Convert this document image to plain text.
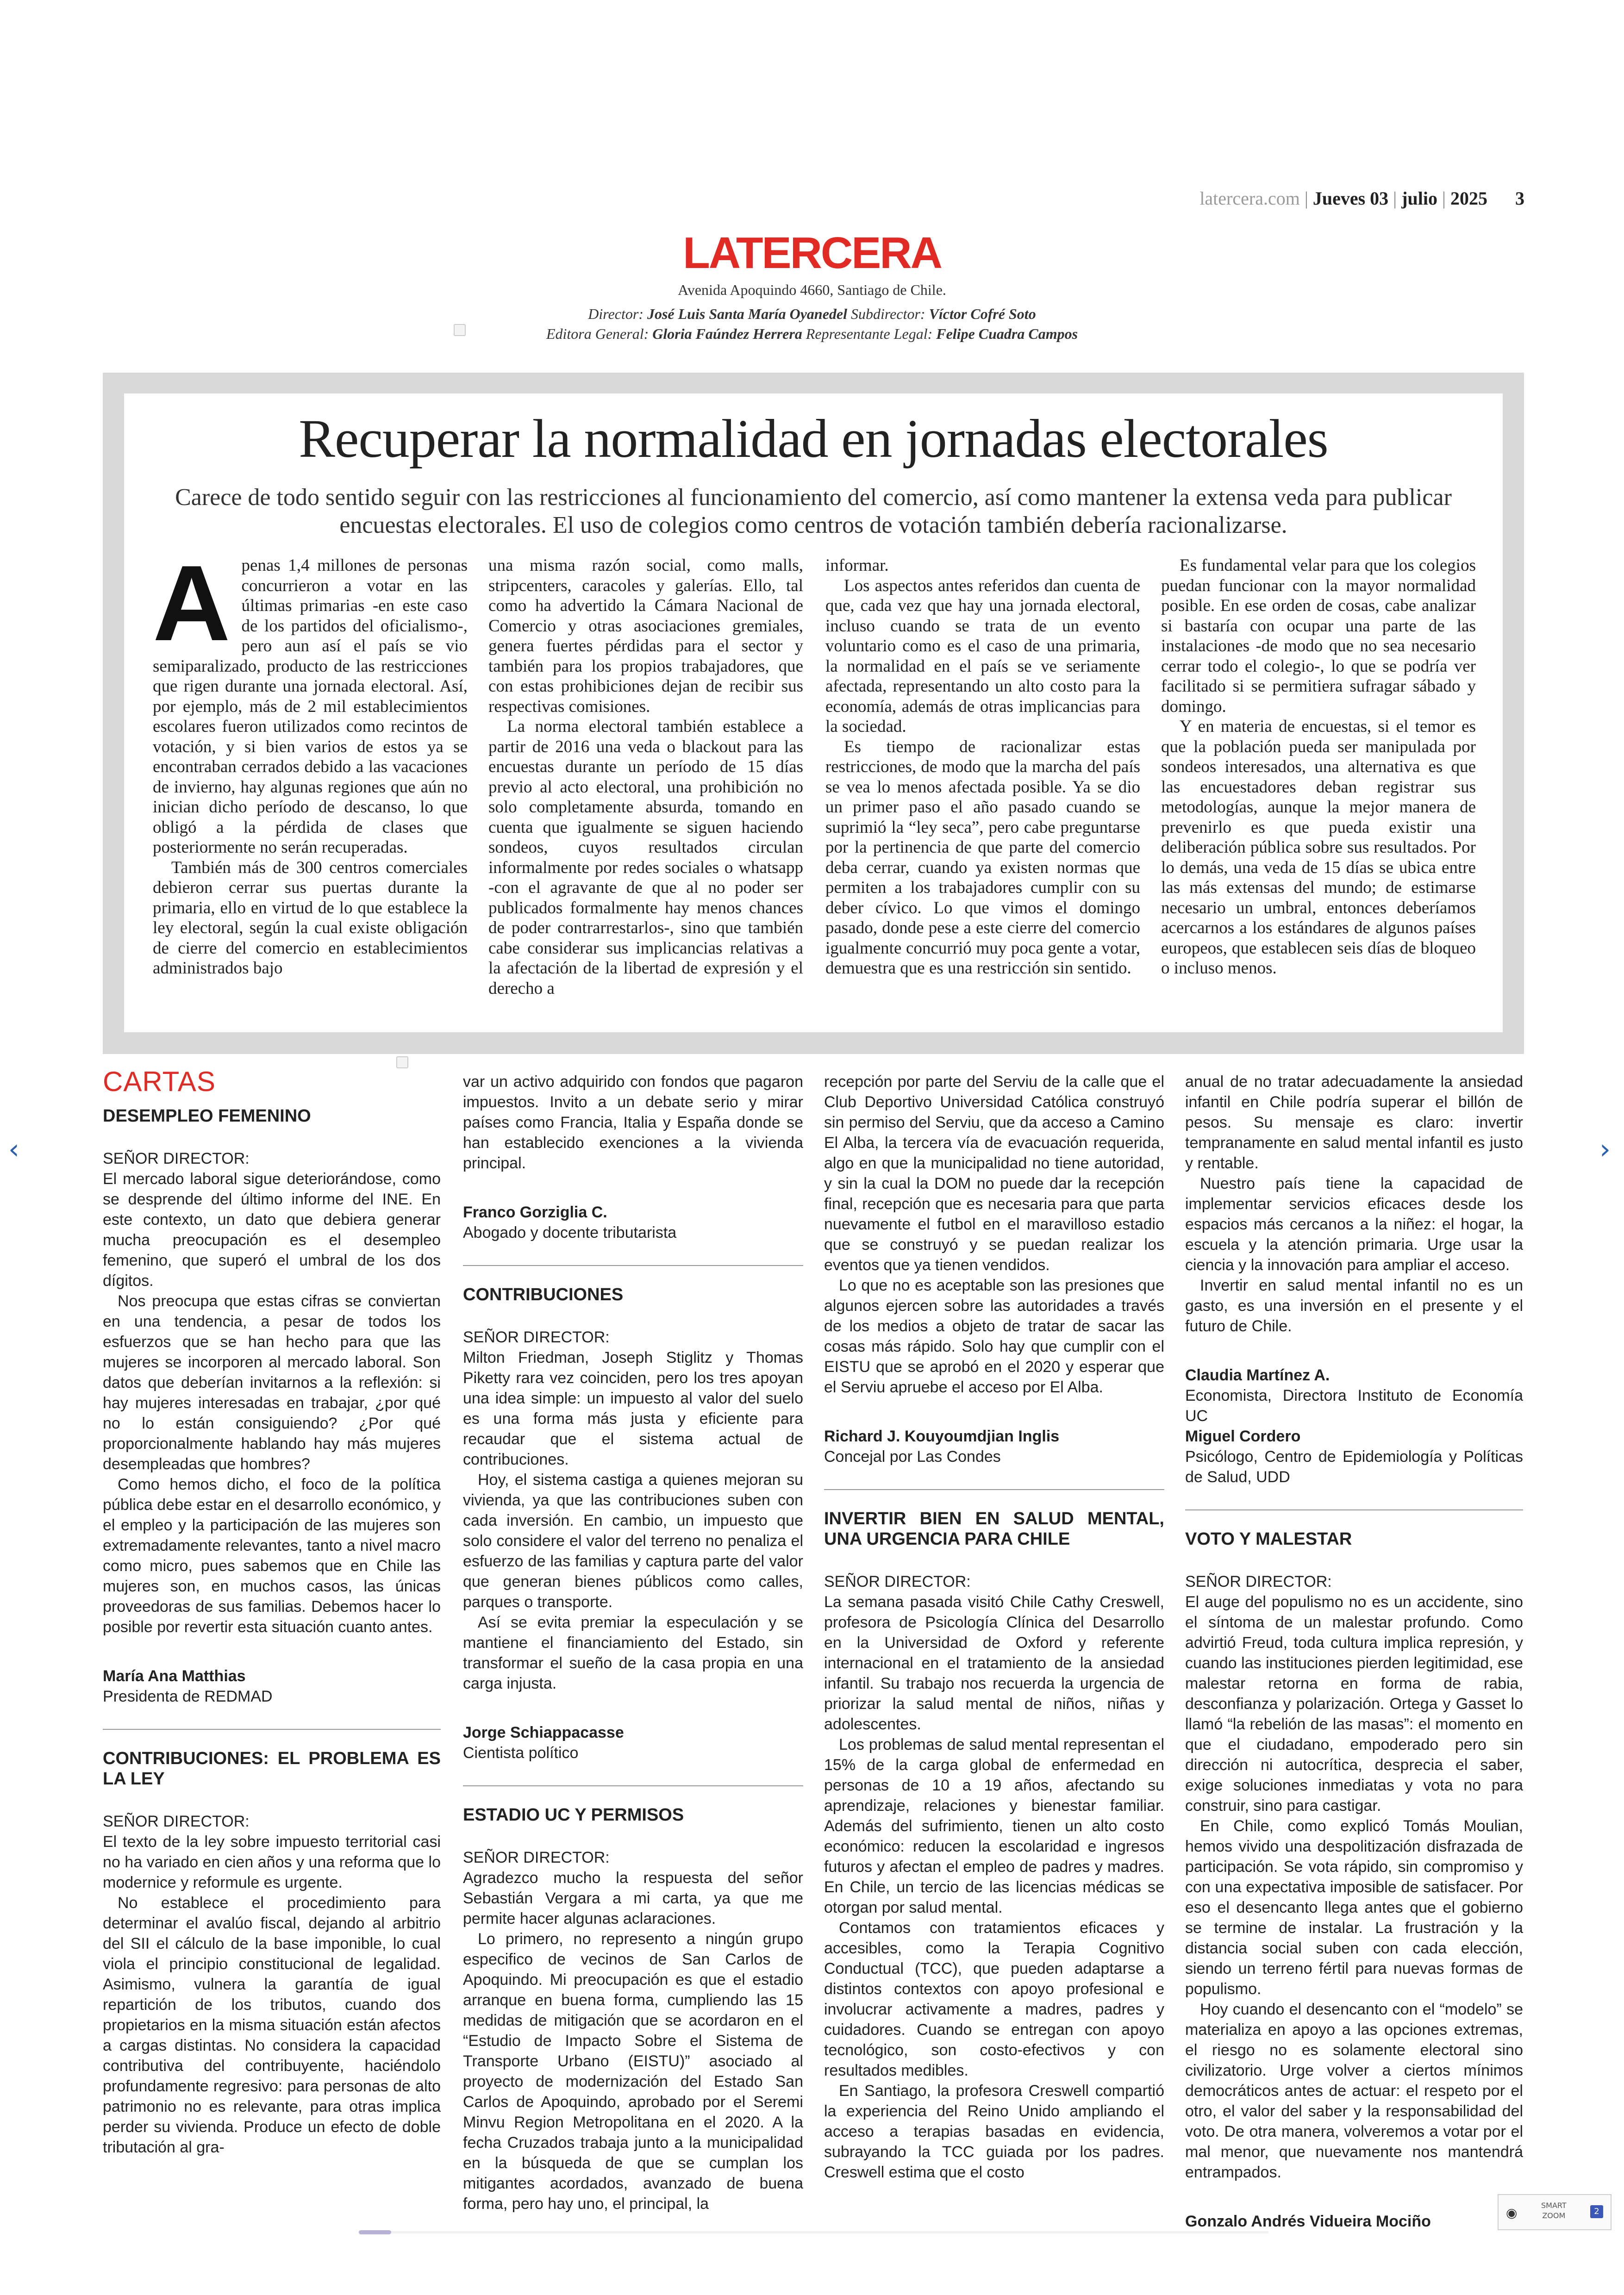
latercera.com | Jueves 03 | julio | 2025 3
LATERCERA
Avenida Apoquindo 4660, Santiago de Chile.
Director: José Luis Santa María Oyanedel Subdirector: Víctor Cofré Soto
Editora General: Gloria Faúndez Herrera Representante Legal: Felipe Cuadra Campos
Recuperar la normalidad en jornadas electorales
Carece de todo sentido seguir con las restricciones al funcionamiento del comercio, así como mantener la extensa veda para publicar encuestas electorales. El uso de colegios como centros de votación también debería racionalizarse.

Apenas 1,4 millones de personas concurrieron a votar en las últimas primarias -en este caso de los partidos del oficialismo-, pero aun así el país se vio semiparalizado, producto de las restricciones que rigen durante una jornada electoral. Así, por ejemplo, más de 2 mil establecimientos escolares fueron utilizados como recintos de votación, y si bien varios de estos ya se encontraban cerrados debido a las vacaciones de invierno, hay algunas regiones que aún no inician dicho período de descanso, lo que obligó a la pérdida de clases que posteriormente no serán recuperadas.

También más de 300 centros comerciales debieron cerrar sus puertas durante la primaria, ello en virtud de lo que establece la ley electoral, según la cual existe obligación de cierre del comercio en establecimientos administrados bajo

una misma razón social, como malls, stripcenters, caracoles y galerías. Ello, tal como ha advertido la Cámara Nacional de Comercio y otras asociaciones gremiales, genera fuertes pérdidas para el sector y también para los propios trabajadores, que con estas prohibiciones dejan de recibir sus respectivas comisiones.

La norma electoral también establece a partir de 2016 una veda o blackout para las encuestas durante un período de 15 días previo al acto electoral, una prohibición no solo completamente absurda, tomando en cuenta que igualmente se siguen haciendo sondeos, cuyos resultados circulan informalmente por redes sociales o whatsapp -con el agravante de que al no poder ser publicados formalmente hay menos chances de poder contrarrestarlos-, sino que también cabe considerar sus implicancias relativas a la afectación de la libertad de expresión y el derecho a

informar.

Los aspectos antes referidos dan cuenta de que, cada vez que hay una jornada electoral, incluso cuando se trata de un evento voluntario como es el caso de una primaria, la normalidad en el país se ve seriamente afectada, representando un alto costo para la economía, además de otras implicancias para la sociedad.

Es tiempo de racionalizar estas restricciones, de modo que la marcha del país se vea lo menos afectada posible. Ya se dio un primer paso el año pasado cuando se suprimió la “ley seca”, pero cabe preguntarse por la pertinencia de que parte del comercio deba cerrar, cuando ya existen normas que permiten a los trabajadores cumplir con su deber cívico. Lo que vimos el domingo pasado, donde pese a este cierre del comercio igualmente concurrió muy poca gente a votar, demuestra que es una restricción sin sentido.

Es fundamental velar para que los colegios puedan funcionar con la mayor normalidad posible. En ese orden de cosas, cabe analizar si bastaría con ocupar una parte de las instalaciones -de modo que no sea necesario cerrar todo el colegio-, lo que se podría ver facilitado si se permitiera sufragar sábado y domingo.

Y en materia de encuestas, si el temor es que la población pueda ser manipulada por sondeos interesados, una alternativa es que las encuestadores deban registrar sus metodologías, aunque la mejor manera de prevenirlo es que pueda existir una deliberación pública sobre sus resultados. Por lo demás, una veda de 15 días se ubica entre las más extensas del mundo; de estimarse necesario un umbral, entonces deberíamos acercarnos a los estándares de algunos países europeos, que establecen seis días de bloqueo o incluso menos.

CARTAS

DESEMPLEO FEMENINO

SEÑOR DIRECTOR:

El mercado laboral sigue deteriorándose, como se desprende del último informe del INE. En este contexto, un dato que debiera generar mucha preocupación es el desempleo femenino, que superó el umbral de los dos dígitos.

Nos preocupa que estas cifras se conviertan en una tendencia, a pesar de todos los esfuerzos que se han hecho para que las mujeres se incorporen al mercado laboral. Son datos que deberían invitarnos a la reflexión: si hay mujeres interesadas en trabajar, ¿por qué no lo están consiguiendo? ¿Por qué proporcionalmente hablando hay más mujeres desempleadas que hombres?

Como hemos dicho, el foco de la política pública debe estar en el desarrollo económico, y el empleo y la participación de las mujeres son extremadamente relevantes, tanto a nivel macro como micro, pues sabemos que en Chile las mujeres son, en muchos casos, las únicas proveedoras de sus familias. Debemos hacer lo posible por revertir esta situación cuanto antes.

María Ana Matthias

Presidenta de REDMAD

CONTRIBUCIONES: EL PROBLEMA ES LA LEY

SEÑOR DIRECTOR:

El texto de la ley sobre impuesto territorial casi no ha variado en cien años y una reforma que lo modernice y reformule es urgente.

No establece el procedimiento para determinar el avalúo fiscal, dejando al arbitrio del SII el cálculo de la base imponible, lo cual viola el principio constitucional de legalidad. Asimismo, vulnera la garantía de igual repartición de los tributos, cuando dos propietarios en la misma situación están afectos a cargas distintas. No considera la capacidad contributiva del contribuyente, haciéndolo profundamente regresivo: para personas de alto patrimonio no es relevante, para otras implica perder su vivienda. Produce un efecto de doble tributación al gra-

var un activo adquirido con fondos que pagaron impuestos. Invito a un debate serio y mirar países como Francia, Italia y España donde se han establecido exenciones a la vivienda principal.

Franco Gorziglia C.

Abogado y docente tributarista

CONTRIBUCIONES

SEÑOR DIRECTOR:

Milton Friedman, Joseph Stiglitz y Thomas Piketty rara vez coinciden, pero los tres apoyan una idea simple: un impuesto al valor del suelo es una forma más justa y eficiente para recaudar que el sistema actual de contribuciones.

Hoy, el sistema castiga a quienes mejoran su vivienda, ya que las contribuciones suben con cada inversión. En cambio, un impuesto que solo considere el valor del terreno no penaliza el esfuerzo de las familias y captura parte del valor que generan bienes públicos como calles, parques o transporte.

Así se evita premiar la especulación y se mantiene el financiamiento del Estado, sin transformar el sueño de la casa propia en una carga injusta.

Jorge Schiappacasse

Cientista político

ESTADIO UC Y PERMISOS

SEÑOR DIRECTOR:

Agradezco mucho la respuesta del señor Sebastián Vergara a mi carta, ya que me permite hacer algunas aclaraciones.

Lo primero, no represento a ningún grupo especifico de vecinos de San Carlos de Apoquindo. Mi preocupación es que el estadio arranque en buena forma, cumpliendo las 15 medidas de mitigación que se acordaron en el “Estudio de Impacto Sobre el Sistema de Transporte Urbano (EISTU)” asociado al proyecto de modernización del Estado San Carlos de Apoquindo, aprobado por el Seremi Minvu Region Metropolitana en el 2020. A la fecha Cruzados trabaja junto a la municipalidad en la búsqueda de que se cumplan los mitigantes acordados, avanzado de buena forma, pero hay uno, el principal, la

recepción por parte del Serviu de la calle que el Club Deportivo Universidad Católica construyó sin permiso del Serviu, que da acceso a Camino El Alba, la tercera vía de evacuación requerida, algo en que la municipalidad no tiene autoridad, y sin la cual la DOM no puede dar la recepción final, recepción que es necesaria para que parta nuevamente el futbol en el maravilloso estadio que se construyó y se puedan realizar los eventos que ya tienen vendidos.

Lo que no es aceptable son las presiones que algunos ejercen sobre las autoridades a través de los medios a objeto de tratar de sacar las cosas más rápido. Solo hay que cumplir con el EISTU que se aprobó en el 2020 y esperar que el Serviu apruebe el acceso por El Alba.

Richard J. Kouyoumdjian Inglis

Concejal por Las Condes

INVERTIR BIEN EN SALUD MENTAL, UNA URGENCIA PARA CHILE

SEÑOR DIRECTOR:

La semana pasada visitó Chile Cathy Creswell, profesora de Psicología Clínica del Desarrollo en la Universidad de Oxford y referente internacional en el tratamiento de la ansiedad infantil. Su trabajo nos recuerda la urgencia de priorizar la salud mental de niños, niñas y adolescentes.

Los problemas de salud mental representan el 15% de la carga global de enfermedad en personas de 10 a 19 años, afectando su aprendizaje, relaciones y bienestar familiar. Además del sufrimiento, tienen un alto costo económico: reducen la escolaridad e ingresos futuros y afectan el empleo de padres y madres. En Chile, un tercio de las licencias médicas se otorgan por salud mental.

Contamos con tratamientos eficaces y accesibles, como la Terapia Cognitivo Conductual (TCC), que pueden adaptarse a distintos contextos con apoyo profesional e involucrar activamente a madres, padres y cuidadores. Cuando se entregan con apoyo tecnológico, son costo-efectivos y con resultados medibles.

En Santiago, la profesora Creswell compartió la experiencia del Reino Unido ampliando el acceso a terapias basadas en evidencia, subrayando la TCC guiada por los padres. Creswell estima que el costo

anual de no tratar adecuadamente la ansiedad infantil en Chile podría superar el billón de pesos. Su mensaje es claro: invertir tempranamente en salud mental infantil es justo y rentable.

Nuestro país tiene la capacidad de implementar servicios eficaces desde los espacios más cercanos a la niñez: el hogar, la escuela y la atención primaria. Urge usar la ciencia y la innovación para ampliar el acceso.

Invertir en salud mental infantil no es un gasto, es una inversión en el presente y el futuro de Chile.

Claudia Martínez A.

Economista, Directora Instituto de Economía UC

Miguel Cordero

Psicólogo, Centro de Epidemiología y Políticas de Salud, UDD

VOTO Y MALESTAR

SEÑOR DIRECTOR:

El auge del populismo no es un accidente, sino el síntoma de un malestar profundo. Como advirtió Freud, toda cultura implica represión, y cuando las instituciones pierden legitimidad, ese malestar retorna en forma de rabia, desconfianza y polarización. Ortega y Gasset lo llamó “la rebelión de las masas”: el momento en que el ciudadano, empoderado pero sin dirección ni autocrítica, desprecia el saber, exige soluciones inmediatas y vota no para construir, sino para castigar.

En Chile, como explicó Tomás Moulian, hemos vivido una despolitización disfrazada de participación. Se vota rápido, sin compromiso y con una expectativa imposible de satisfacer. Por eso el desencanto llega antes que el gobierno se termine de instalar. La frustración y la distancia social suben con cada elección, siendo un terreno fértil para nuevas formas de populismo.

Hoy cuando el desencanto con el “modelo” se materializa en apoyo a las opciones extremas, el riesgo no es solamente electoral sino civilizatorio. Urge volver a ciertos mínimos democráticos antes de actuar: el respeto por el otro, el valor del saber y la responsabilidad del voto. De otra manera, volveremos a votar por el mal menor, que nuevamente nos mantendrá entrampados.

Gonzalo Andrés Vidueira Mociño

‹	›
◉	SMART
ZOOM	2
